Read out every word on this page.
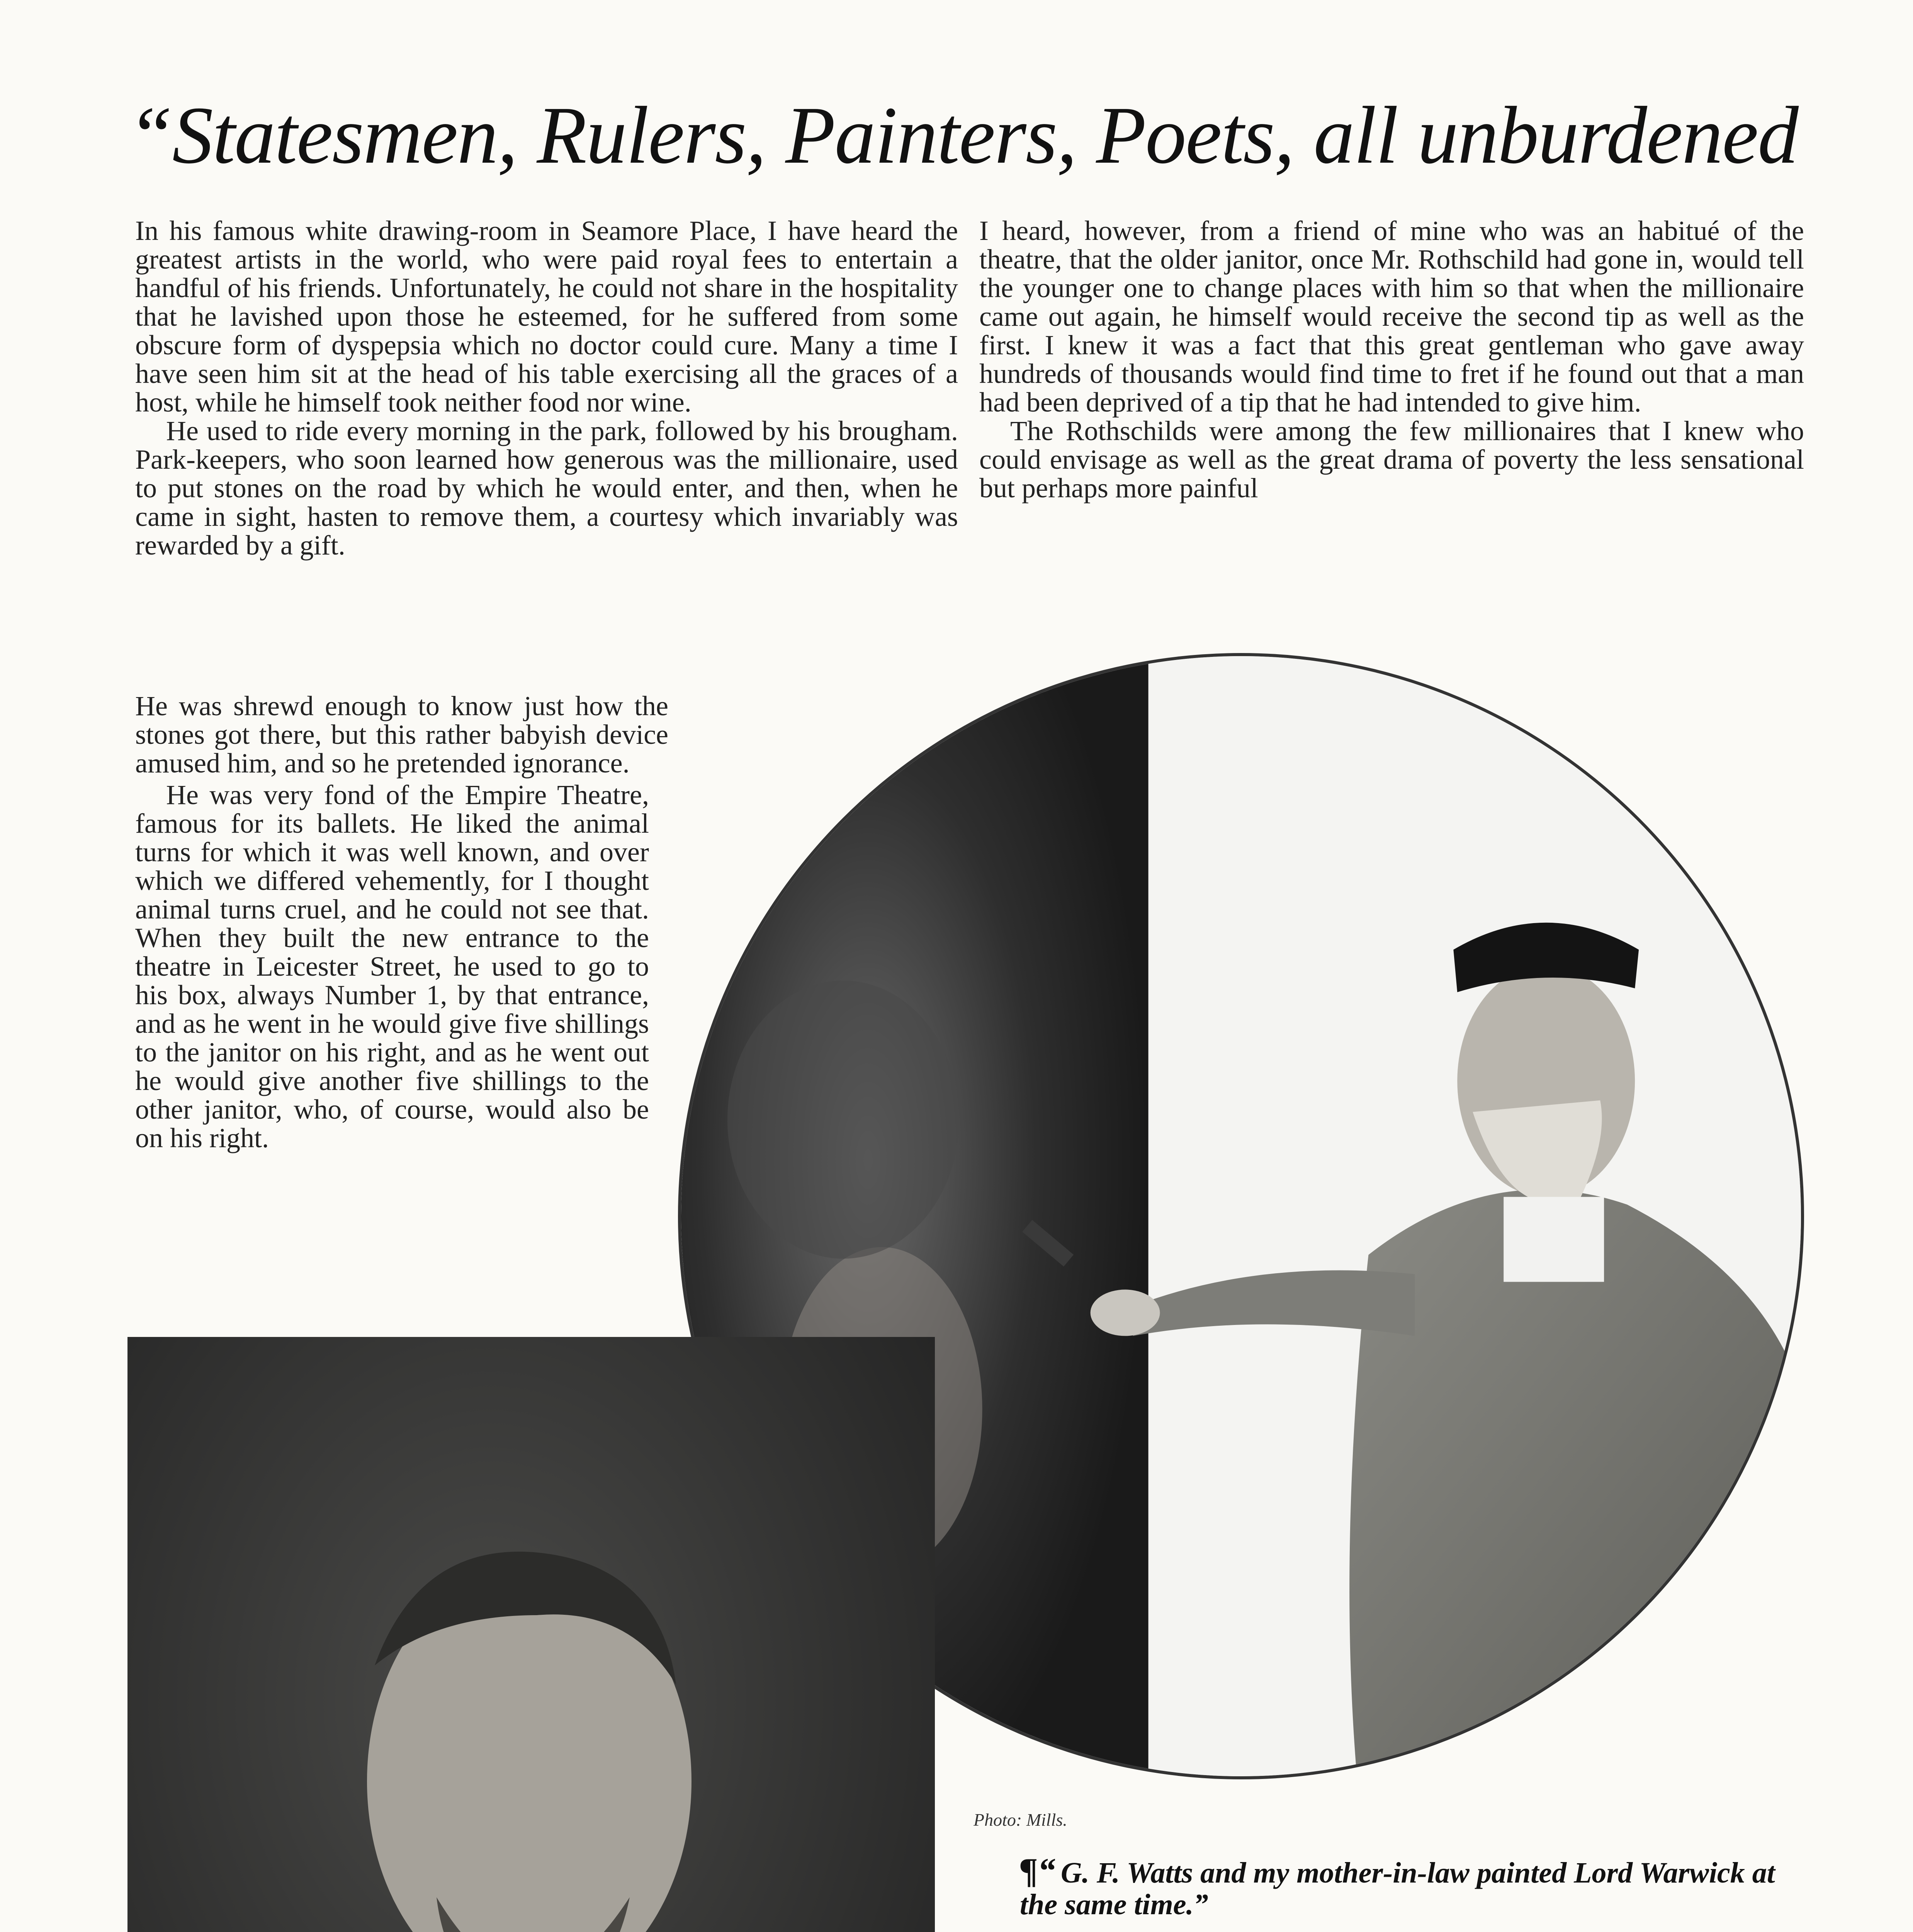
“Statesmen, Rulers, Painters, Poets, all unburdened

In his famous white drawing-room in Seamore Place, I have heard the greatest artists in the world, who were paid royal fees to entertain a handful of his friends. Unfortunately, he could not share in the hospitality that he lavished upon those he esteemed, for he suffered from some obscure form of dyspepsia which no doctor could cure. Many a time I have seen him sit at the head of his table exercising all the graces of a host, while he himself took neither food nor wine.

He used to ride every morning in the park, followed by his brougham. Park-keepers, who soon learned how generous was the millionaire, used to put stones on the road by which he would enter, and then, when he came in sight, hasten to remove them, a courtesy which invariably was rewarded by a gift.

He was shrewd enough to know just how the stones got there, but this rather babyish device amused him, and so he pretended ignorance.

He was very fond of the Empire Theatre, famous for its ballets. He liked the animal turns for which it was well known, and over which we differed vehemently, for I thought animal turns cruel, and he could not see that. When they built the new entrance to the theatre in Leicester Street, he used to go to his box, always Number 1, by that entrance, and as he went in he would give five shillings to the janitor on his right, and as he went out he would give another five shillings to the other janitor, who, of course, would also be on his right.

I heard, however, from a friend of mine who was an habitué of the theatre, that the older janitor, once Mr. Rothschild had gone in, would tell the younger one to change places with him so that when the millionaire came out again, he himself would receive the second tip as well as the first. I knew it was a fact that this great gentleman who gave away hundreds of thousands would find time to fret if he found out that a man had been deprived of a tip that he had intended to give him.

The Rothschilds were among the few millionaires that I knew who could envisage as well as the great drama of poverty the less sensational but perhaps more painful

Photo: Mills.
¶“ G. F. Watts and my mother-in-law painted Lord Warwick at the same time.”
